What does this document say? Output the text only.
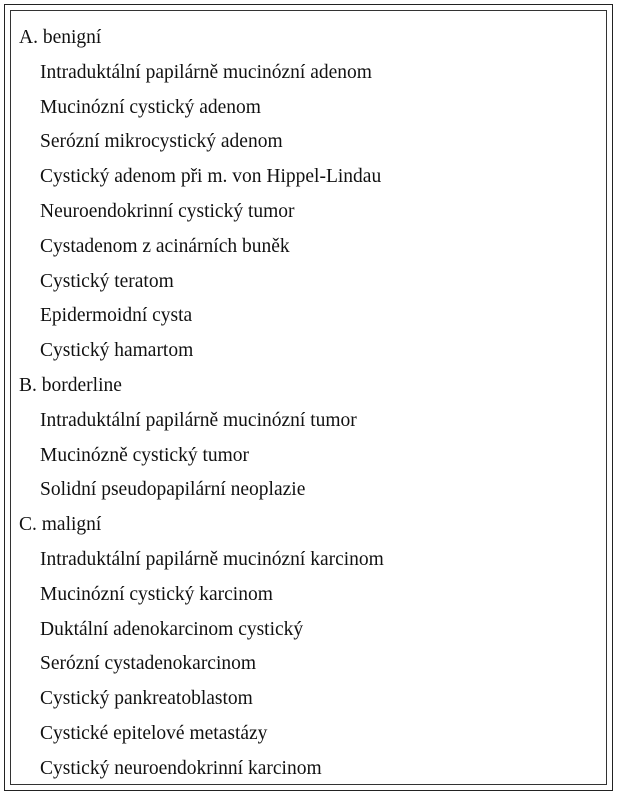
A. benigní
Intraduktální papilárně mucinózní adenom
Mucinózní cystický adenom
Serózní mikrocystický adenom
Cystický adenom při m. von Hippel-Lindau
Neuroendokrinní cystický tumor
Cystadenom z acinárních buněk
Cystický teratom
Epidermoidní cysta
Cystický hamartom
B. borderline
Intraduktální papilárně mucinózní tumor
Mucinózně cystický tumor
Solidní pseudopapilární neoplazie
C. maligní
Intraduktální papilárně mucinózní karcinom
Mucinózní cystický karcinom
Duktální adenokarcinom cystický
Serózní cystadenokarcinom
Cystický pankreatoblastom
Cystické epitelové metastázy
Cystický neuroendokrinní karcinom
